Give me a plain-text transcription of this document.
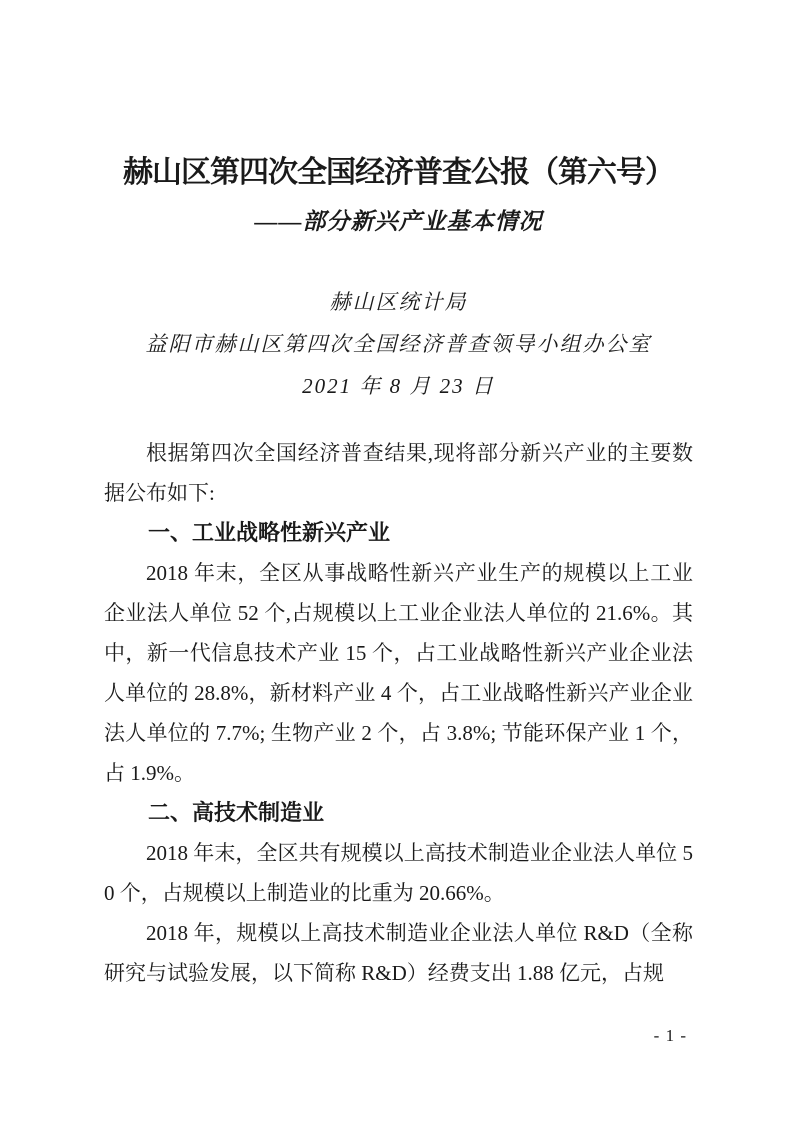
赫山区第四次全国经济普查公报（第六号）
——部分新兴产业基本情况
赫山区统计局
益阳市赫山区第四次全国经济普查领导小组办公室
2021 年 8 月 23 日

根据第四次全国经济普查结果,现将部分新兴产业的主要数据公布如下:

一、工业战略性新兴产业

2018 年末，全区从事战略性新兴产业生产的规模以上工业企业法人单位 52 个,占规模以上工业企业法人单位的 21.6%。其中，新一代信息技术产业 15 个，占工业战略性新兴产业企业法人单位的 28.8%，新材料产业 4 个，占工业战略性新兴产业企业法人单位的 7.7%; 生物产业 2 个，占 3.8%; 节能环保产业 1 个，占 1.9%。

二、高技术制造业

2018 年末，全区共有规模以上高技术制造业企业法人单位 50 个，占规模以上制造业的比重为 20.66%。

2018 年，规模以上高技术制造业企业法人单位 R&D（全称研究与试验发展，以下简称 R&D）经费支出 1.88 亿元，占规

- 1 -
